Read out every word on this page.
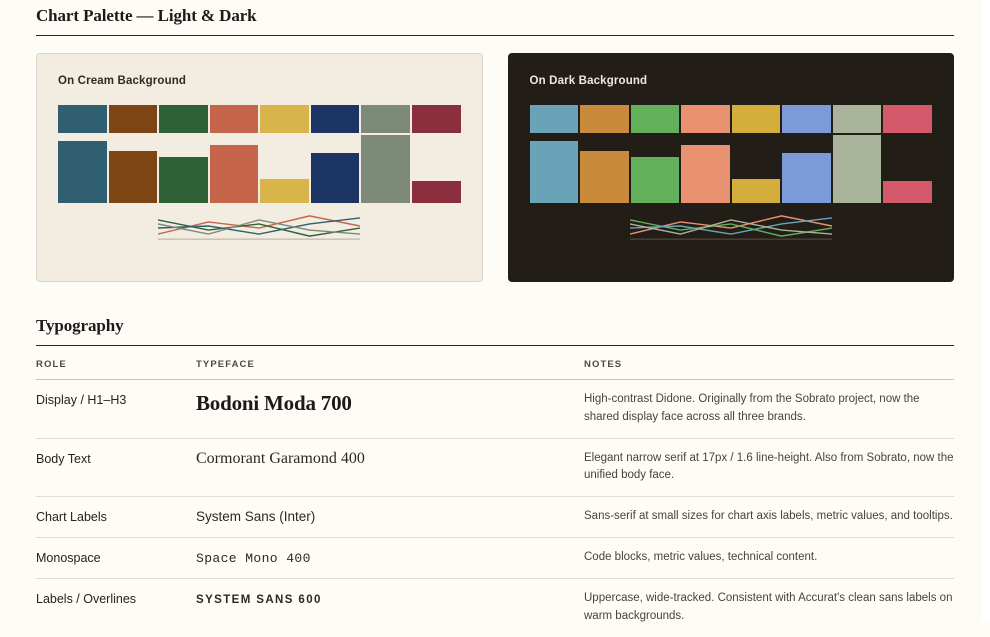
Chart Palette — Light & Dark
On Cream Background	On Dark Background
Typography
ROLE	TYPEFACE	NOTES
Display / H1–H3	Bodoni Moda 700	High-contrast Didone. Originally from the Sobrato project, now the shared display face across all three brands.

Body Text	Cormorant Garamond 400	Elegant narrow serif at 17px / 1.6 line-height. Also from Sobrato, now the unified body face.

Chart Labels	System Sans (Inter)	Sans-serif at small sizes for chart axis labels, metric values, and tooltips.

Monospace	Space Mono 400	Code blocks, metric values, technical content.

Labels / Overlines	SYSTEM SANS 600	Uppercase, wide-tracked. Consistent with Accurat's clean sans labels on warm backgrounds.
